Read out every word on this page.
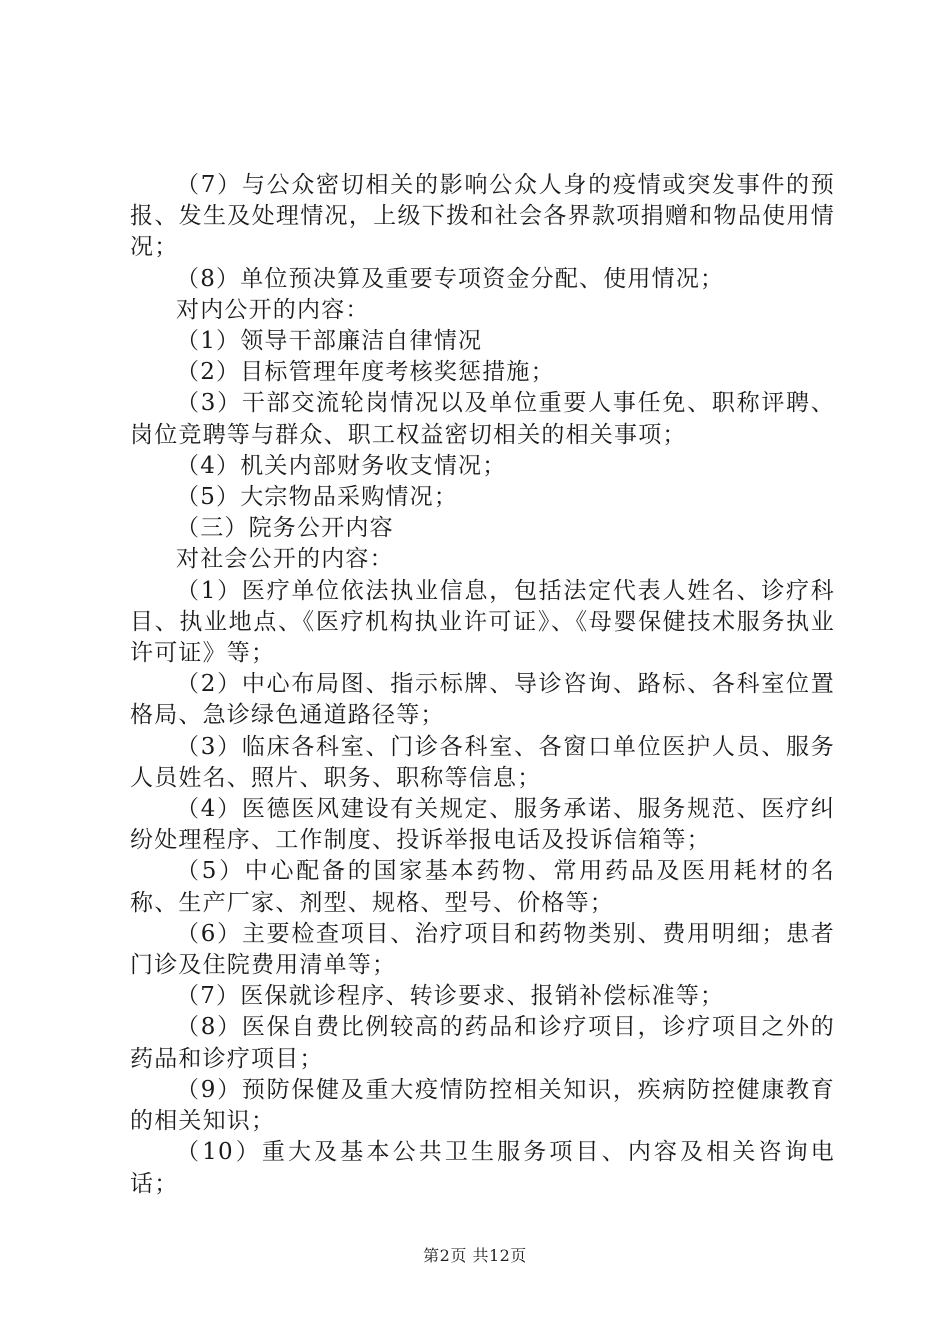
（7）与公众密切相关的影响公众人身的疫情或突发事件的预报、发生及处理情况，上级下拨和社会各界款项捐赠和物品使用情况；

（8）单位预决算及重要专项资金分配、使用情况；

对内公开的内容：

（1）领导干部廉洁自律情况

（2）目标管理年度考核奖惩措施；

（3）干部交流轮岗情况以及单位重要人事任免、职称评聘、岗位竞聘等与群众、职工权益密切相关的相关事项；

（4）机关内部财务收支情况；

（5）大宗物品采购情况；

（三）院务公开内容

对社会公开的内容：

（1）医疗单位依法执业信息，包括法定代表人姓名、诊疗科目、执业地点、《医疗机构执业许可证》、《母婴保健技术服务执业许可证》等；

（2）中心布局图、指示标牌、导诊咨询、路标、各科室位置格局、急诊绿色通道路径等；

（3）临床各科室、门诊各科室、各窗口单位医护人员、服务人员姓名、照片、职务、职称等信息；

（4）医德医风建设有关规定、服务承诺、服务规范、医疗纠纷处理程序、工作制度、投诉举报电话及投诉信箱等；

（5）中心配备的国家基本药物、常用药品及医用耗材的名称、生产厂家、剂型、规格、型号、价格等；

（6）主要检查项目、治疗项目和药物类别、费用明细；患者门诊及住院费用清单等；

（7）医保就诊程序、转诊要求、报销补偿标准等；

（8）医保自费比例较高的药品和诊疗项目，诊疗项目之外的药品和诊疗项目；

（9）预防保健及重大疫情防控相关知识，疾病防控健康教育的相关知识；

（10）重大及基本公共卫生服务项目、内容及相关咨询电话；

第2页 共12页
